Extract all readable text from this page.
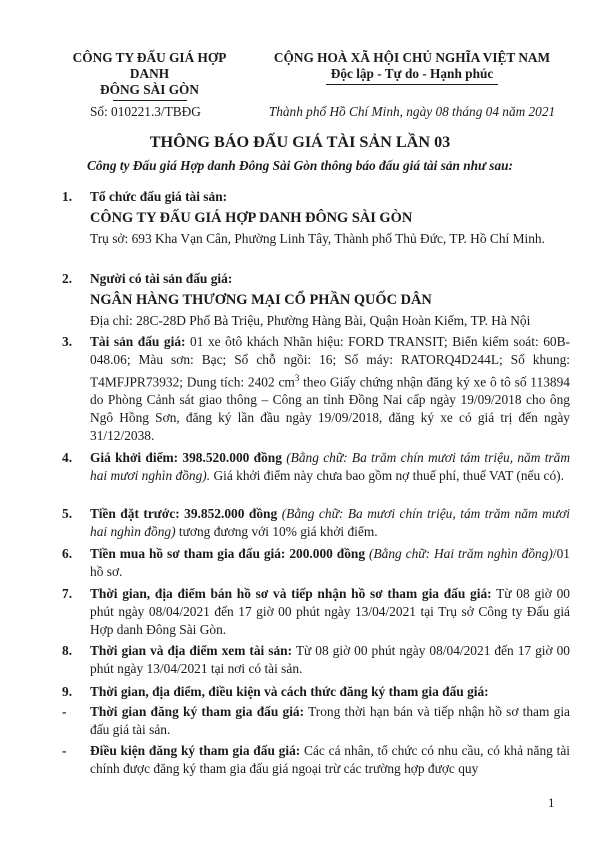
CÔNG TY ĐẤU GIÁ HỢP DANH
ĐÔNG SÀI GÒN
CỘNG HOÀ XÃ HỘI CHỦ NGHĨA VIỆT NAM
Độc lập - Tự do - Hạnh phúc
Số: 010221.3/TBĐG	Thành phố Hồ Chí Minh, ngày 08 tháng 04 năm 2021
THÔNG BÁO ĐẤU GIÁ TÀI SẢN LẦN 03
Công ty Đấu giá Hợp danh Đông Sài Gòn thông báo đấu giá tài sản như sau:
1. Tổ chức đấu giá tài sản:
CÔNG TY ĐẤU GIÁ HỢP DANH ĐÔNG SÀI GÒN
Trụ sở: 693 Kha Vạn Cân, Phường Linh Tây, Thành phố Thủ Đức, TP. Hồ Chí Minh.
2. Người có tài sản đấu giá:
NGÂN HÀNG THƯƠNG MẠI CỔ PHẦN QUỐC DÂN
Địa chỉ: 28C-28D Phố Bà Triệu, Phường Hàng Bài, Quận Hoàn Kiếm, TP. Hà Nội
3. Tài sản đấu giá: 01 xe ôtô khách Nhãn hiệu: FORD TRANSIT; Biển kiểm soát: 60B-048.06; Màu sơn: Bạc; Số chỗ ngồi: 16; Số máy: RATORQ4D244L; Số khung: T4MFJPR73932; Dung tích: 2402 $cm^3$ theo Giấy chứng nhận đăng ký xe ô tô số 113894 do Phòng Cảnh sát giao thông – Công an tỉnh Đồng Nai cấp ngày 19/09/2018 cho ông Ngô Hồng Sơn, đăng ký lần đầu ngày 19/09/2018, đăng ký xe có giá trị đến ngày 31/12/2038.
4. Giá khởi điểm: 398.520.000 đồng (Bằng chữ: Ba trăm chín mươi tám triệu, năm trăm hai mươi nghìn đồng). Giá khởi điểm này chưa bao gồm nợ thuế phí, thuế VAT (nếu có).
5. Tiền đặt trước: 39.852.000 đồng (Bằng chữ: Ba mươi chín triệu, tám trăm năm mươi hai nghìn đồng) tương đương với 10% giá khởi điểm.
6. Tiền mua hồ sơ tham gia đấu giá: 200.000 đồng (Bằng chữ: Hai trăm nghìn đồng)/01 hồ sơ.
7. Thời gian, địa điểm bán hồ sơ và tiếp nhận hồ sơ tham gia đấu giá: Từ 08 giờ 00 phút ngày 08/04/2021 đến 17 giờ 00 phút ngày 13/04/2021 tại Trụ sở Công ty Đấu giá Hợp danh Đông Sài Gòn.
8. Thời gian và địa điểm xem tài sản: Từ 08 giờ 00 phút ngày 08/04/2021 đến 17 giờ 00 phút ngày 13/04/2021 tại nơi có tài sản.
9. Thời gian, địa điểm, điều kiện và cách thức đăng ký tham gia đấu giá:
- Thời gian đăng ký tham gia đấu giá: Trong thời hạn bán và tiếp nhận hồ sơ tham gia đấu giá tài sản.
- Điều kiện đăng ký tham gia đấu giá: Các cá nhân, tổ chức có nhu cầu, có khả năng tài chính được đăng ký tham gia đấu giá ngoại trừ các trường hợp được quy
1
